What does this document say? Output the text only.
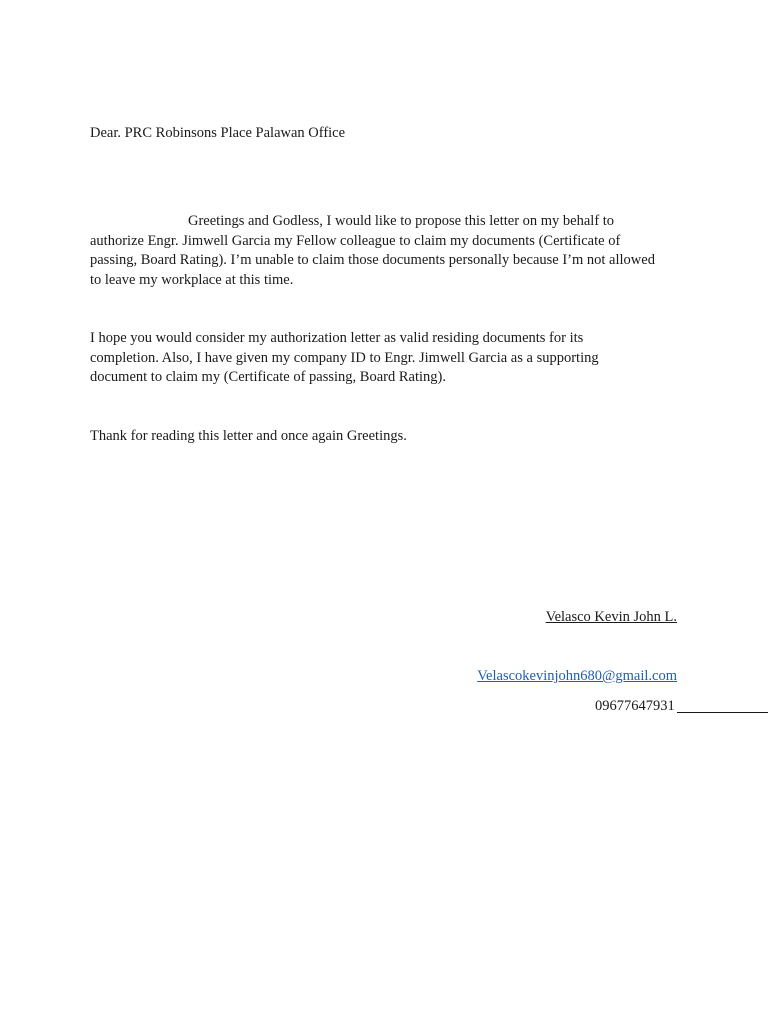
Dear. PRC Robinsons Place Palawan Office

Greetings and Godless, I would like to propose this letter on my behalf to
authorize Engr. Jimwell Garcia my Fellow colleague to claim my documents (Certificate of
passing, Board Rating). I’m unable to claim those documents personally because I’m not allowed
to leave my workplace at this time.
I hope you would consider my authorization letter as valid residing documents for its
completion. Also, I have given my company ID to Engr. Jimwell Garcia as a supporting
document to claim my (Certificate of passing, Board Rating).

Thank for reading this letter and once again Greetings.

Velasco Kevin John L.
Velascokevinjohn680@gmail.com
09677647931
